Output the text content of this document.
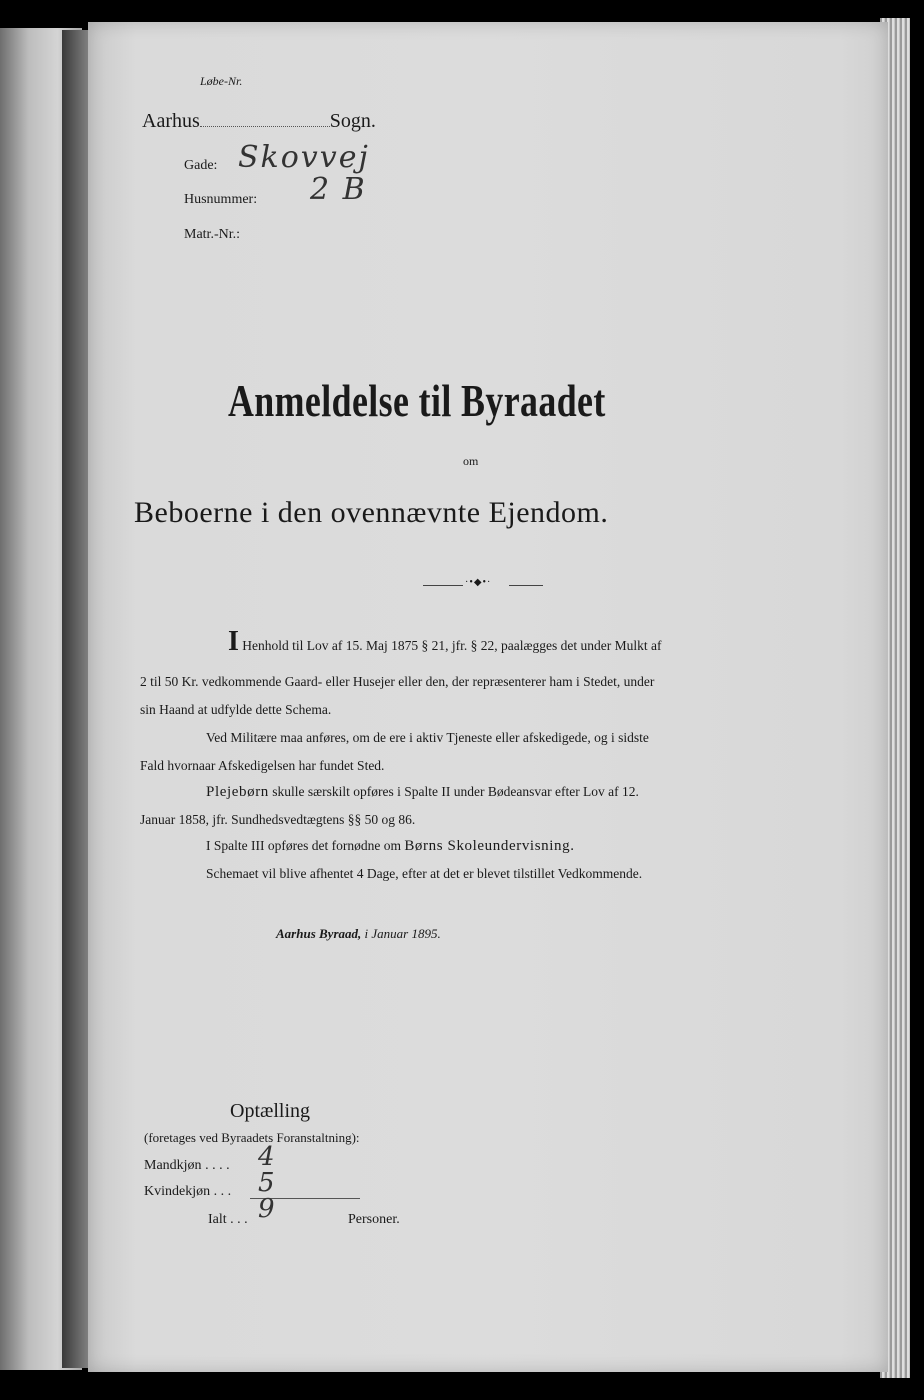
Løbe-Nr.
Aarhus	Sogn.
Gade: Skovvej
Husnummer: 2 B
Matr.-Nr.:
Anmeldelse til Byraadet
om
Beboerne i den ovennævnte Ejendom.
·•◆•·
I Henhold til Lov af 15. Maj 1875 § 21, jfr. § 22, paalægges det under Mulkt af
2 til 50 Kr. vedkommende Gaard- eller Husejer eller den, der repræsenterer ham i Stedet, under
sin Haand at udfylde dette Schema.
Ved Militære maa anføres, om de ere i aktiv Tjeneste eller afskedigede, og i sidste
Fald hvornaar Afskedigelsen har fundet Sted.
Plejebørn skulle særskilt opføres i Spalte II under Bødeansvar efter Lov af 12.
Januar 1858, jfr. Sundhedsvedtægtens §§ 50 og 86.
I Spalte III opføres det fornødne om Børns Skoleundervisning.
Schemaet vil blive afhentet 4 Dage, efter at det er blevet tilstillet Vedkommende.
Aarhus Byraad, i Januar 1895.
Optælling
(foretages ved Byraadets Foranstaltning):
Mandkjøn . . . . 4
Kvindekjøn . . . 5
Ialt . . . 9	Personer.
